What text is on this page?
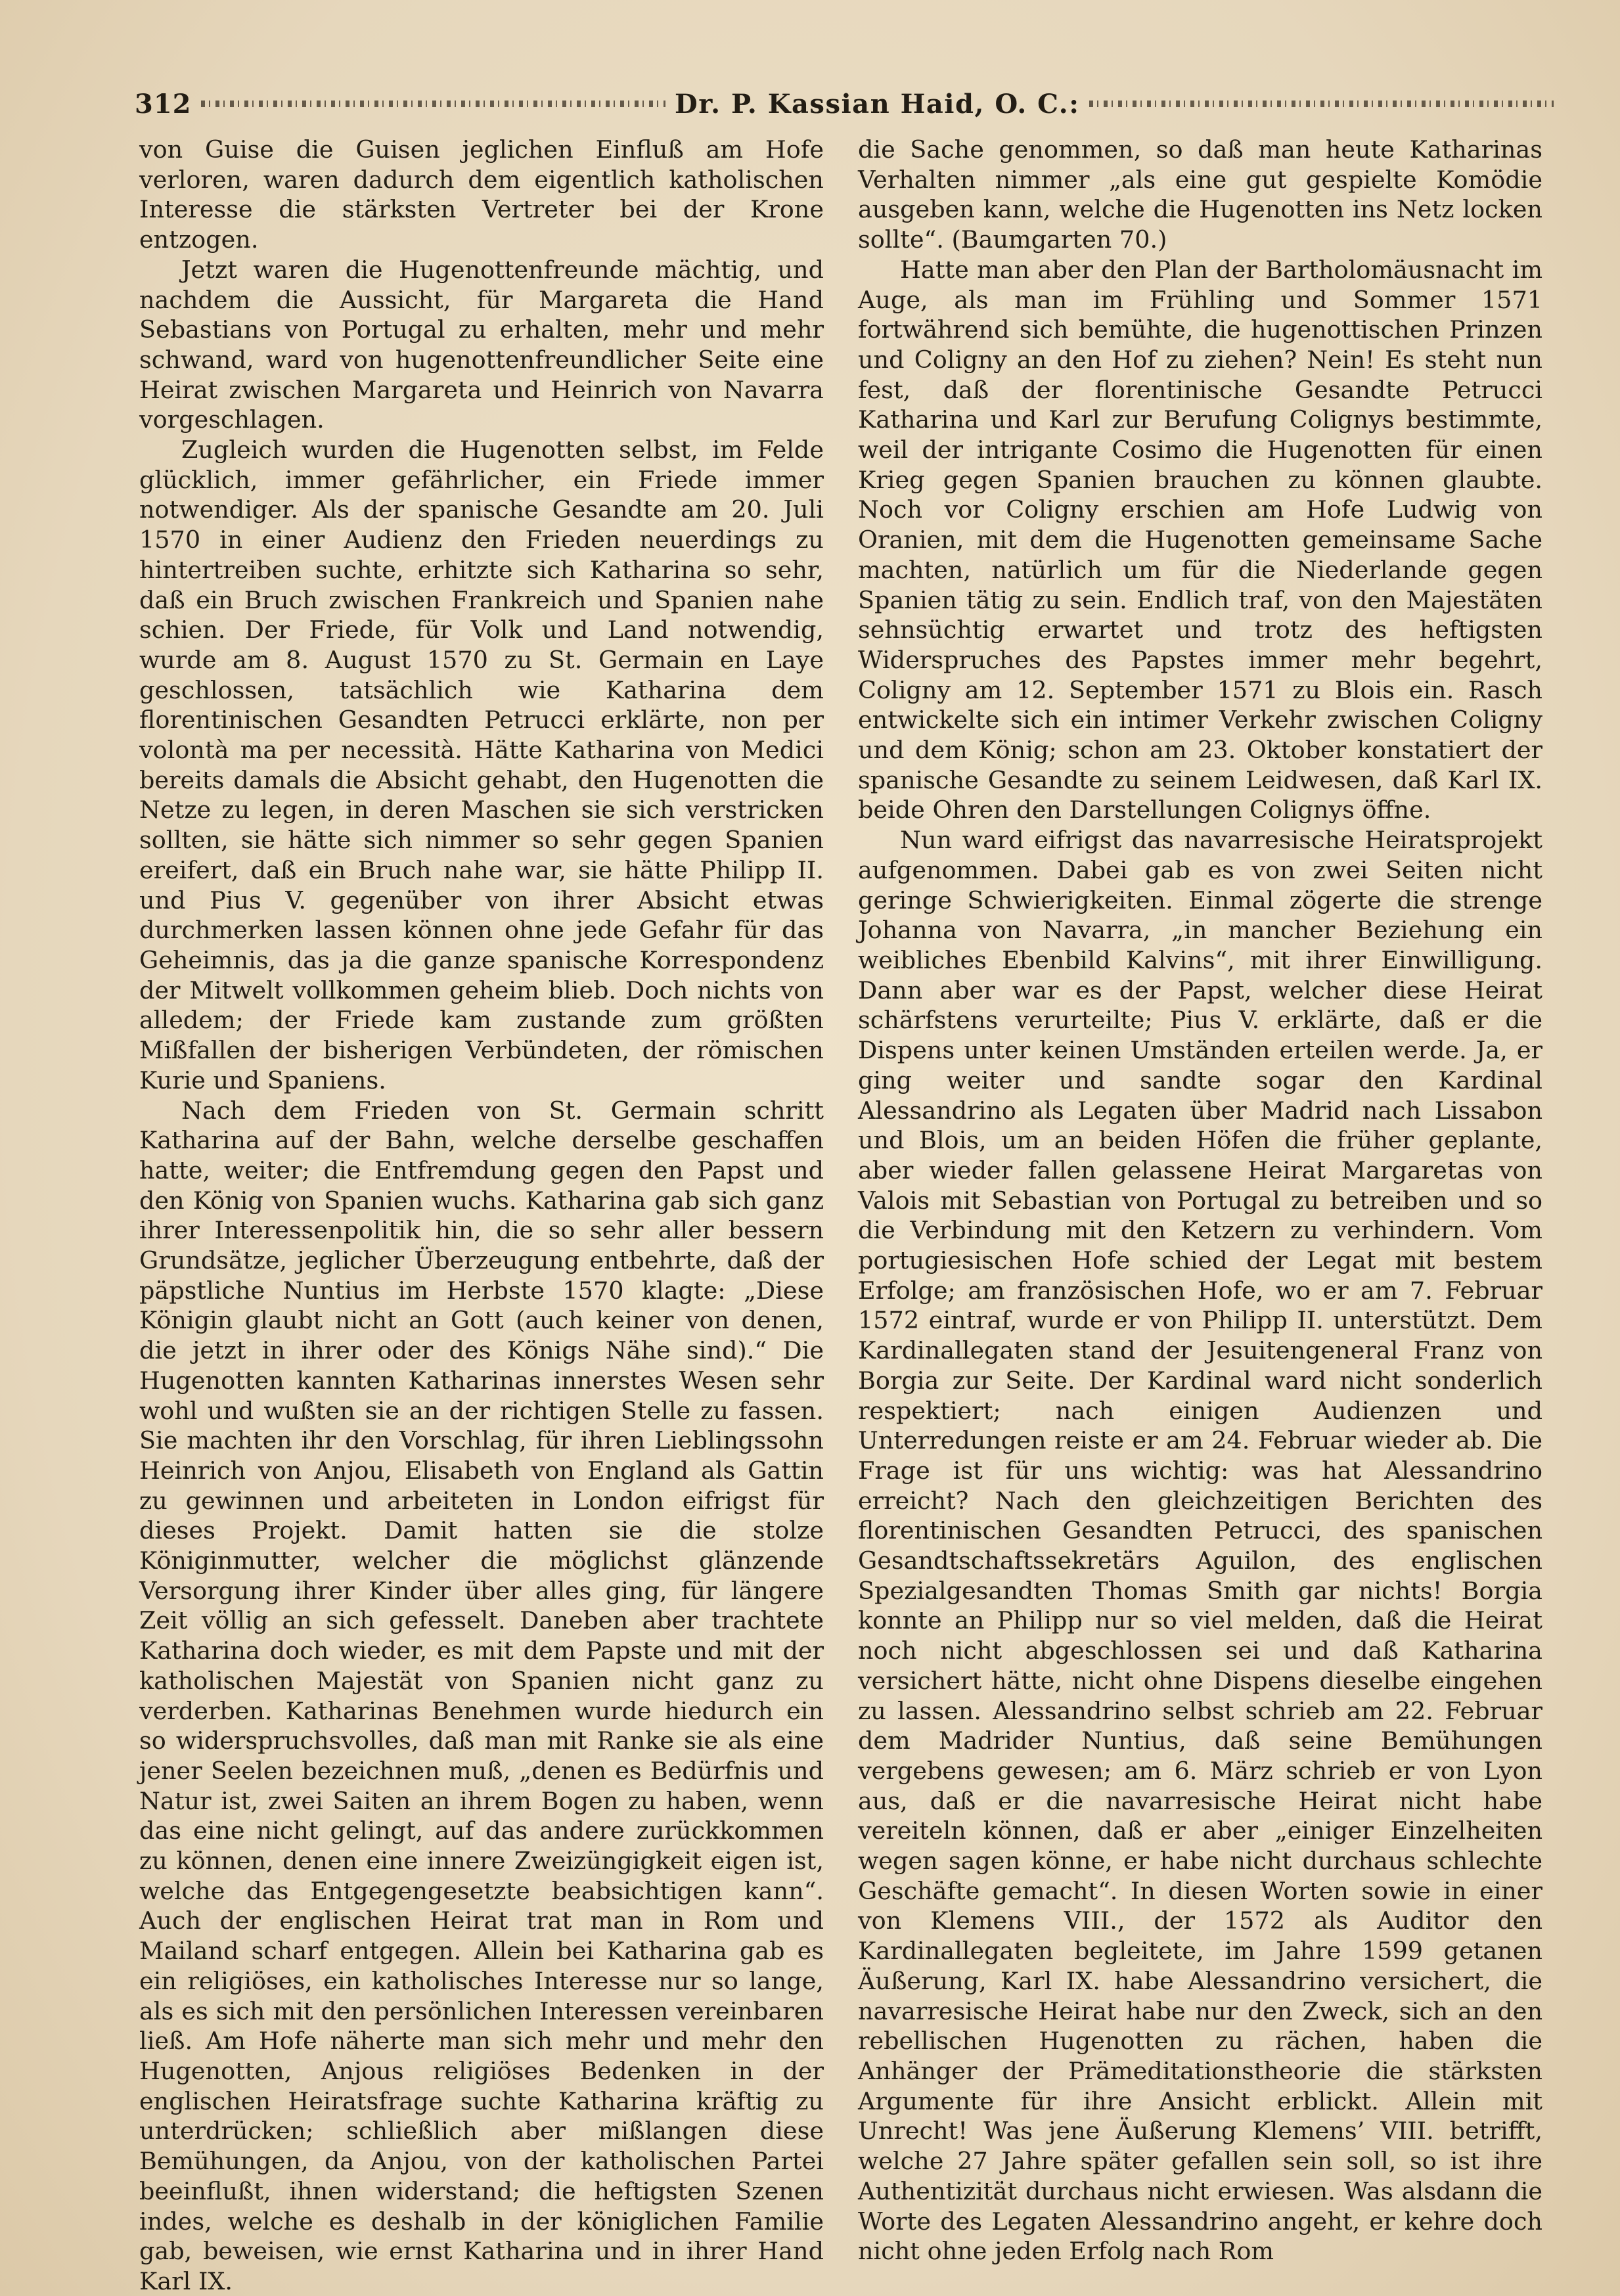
312	Dr. P. Kassian Haid, O. C.:

von Guise die Guisen jeglichen Einfluß am Hofe verloren, waren dadurch dem eigentlich katholischen Interesse die stärksten Vertreter bei der Krone entzogen.

Jetzt waren die Hugenottenfreunde mächtig, und nachdem die Aussicht, für Margareta die Hand Sebastians von Portugal zu erhalten, mehr und mehr schwand, ward von hugenottenfreundlicher Seite eine Heirat zwischen Margareta und Heinrich von Navarra vorgeschlagen.

Zugleich wurden die Hugenotten selbst, im Felde glücklich, immer gefährlicher, ein Friede immer notwendiger. Als der spanische Gesandte am 20. Juli 1570 in einer Audienz den Frieden neuerdings zu hintertreiben suchte, erhitzte sich Katharina so sehr, daß ein Bruch zwischen Frankreich und Spanien nahe schien. Der Friede, für Volk und Land notwendig, wurde am 8. August 1570 zu St. Germain en Laye geschlossen, tatsächlich wie Katharina dem florentinischen Gesandten Petrucci erklärte, non per volontà ma per necessità. Hätte Katharina von Medici bereits damals die Absicht gehabt, den Hugenotten die Netze zu legen, in deren Maschen sie sich verstricken sollten, sie hätte sich nimmer so sehr gegen Spanien ereifert, daß ein Bruch nahe war, sie hätte Philipp II. und Pius V. gegenüber von ihrer Absicht etwas durchmerken lassen können ohne jede Gefahr für das Geheimnis, das ja die ganze spanische Korrespondenz der Mitwelt vollkommen geheim blieb. Doch nichts von alledem; der Friede kam zustande zum größten Mißfallen der bisherigen Verbündeten, der römischen Kurie und Spaniens.

Nach dem Frieden von St. Germain schritt Katharina auf der Bahn, welche derselbe geschaffen hatte, weiter; die Entfremdung gegen den Papst und den König von Spanien wuchs. Katharina gab sich ganz ihrer Interessenpolitik hin, die so sehr aller bessern Grundsätze, jeglicher Überzeugung entbehrte, daß der päpstliche Nuntius im Herbste 1570 klagte: „Diese Königin glaubt nicht an Gott (auch keiner von denen, die jetzt in ihrer oder des Königs Nähe sind).“ Die Hugenotten kannten Katharinas innerstes Wesen sehr wohl und wußten sie an der richtigen Stelle zu fassen. Sie machten ihr den Vorschlag, für ihren Lieblingssohn Heinrich von Anjou, Elisabeth von England als Gattin zu gewinnen und arbeiteten in London eifrigst für dieses Projekt. Damit hatten sie die stolze Königinmutter, welcher die möglichst glänzende Versorgung ihrer Kinder über alles ging, für längere Zeit völlig an sich gefesselt. Daneben aber trachtete Katharina doch wieder, es mit dem Papste und mit der katholischen Majestät von Spanien nicht ganz zu verderben. Katharinas Benehmen wurde hiedurch ein so widerspruchsvolles, daß man mit Ranke sie als eine jener Seelen bezeichnen muß, „denen es Bedürfnis und Natur ist, zwei Saiten an ihrem Bogen zu haben, wenn das eine nicht gelingt, auf das andere zurückkommen zu können, denen eine innere Zweizüngigkeit eigen ist, welche das Entgegengesetzte beabsichtigen kann“. Auch der englischen Heirat trat man in Rom und Mailand scharf entgegen. Allein bei Katharina gab es ein religiöses, ein katholisches Interesse nur so lange, als es sich mit den persönlichen Interessen vereinbaren ließ. Am Hofe näherte man sich mehr und mehr den Hugenotten, Anjous religiöses Bedenken in der englischen Heiratsfrage suchte Katharina kräftig zu unterdrücken; schließlich aber mißlangen diese Bemühungen, da Anjou, von der katholischen Partei beeinflußt, ihnen widerstand; die heftigsten Szenen indes, welche es deshalb in der königlichen Familie gab, beweisen, wie ernst Katharina und in ihrer Hand Karl IX.

die Sache genommen, so daß man heute Katharinas Verhalten nimmer „als eine gut gespielte Komödie ausgeben kann, welche die Hugenotten ins Netz locken sollte“. (Baumgarten 70.)

Hatte man aber den Plan der Bartholomäusnacht im Auge, als man im Frühling und Sommer 1571 fortwährend sich bemühte, die hugenottischen Prinzen und Coligny an den Hof zu ziehen? Nein! Es steht nun fest, daß der florentinische Gesandte Petrucci Katharina und Karl zur Berufung Colignys bestimmte, weil der intrigante Cosimo die Hugenotten für einen Krieg gegen Spanien brauchen zu können glaubte. Noch vor Coligny erschien am Hofe Ludwig von Oranien, mit dem die Hugenotten gemeinsame Sache machten, natürlich um für die Niederlande gegen Spanien tätig zu sein. Endlich traf, von den Majestäten sehnsüchtig erwartet und trotz des heftigsten Widerspruches des Papstes immer mehr begehrt, Coligny am 12. September 1571 zu Blois ein. Rasch entwickelte sich ein intimer Verkehr zwischen Coligny und dem König; schon am 23. Oktober konstatiert der spanische Gesandte zu seinem Leidwesen, daß Karl IX. beide Ohren den Darstellungen Colignys öffne.

Nun ward eifrigst das navarresische Heiratsprojekt aufgenommen. Dabei gab es von zwei Seiten nicht geringe Schwierigkeiten. Einmal zögerte die strenge Johanna von Navarra, „in mancher Beziehung ein weibliches Ebenbild Kalvins“, mit ihrer Einwilligung. Dann aber war es der Papst, welcher diese Heirat schärfstens verurteilte; Pius V. erklärte, daß er die Dispens unter keinen Umständen erteilen werde. Ja, er ging weiter und sandte sogar den Kardinal Alessandrino als Legaten über Madrid nach Lissabon und Blois, um an beiden Höfen die früher geplante, aber wieder fallen gelassene Heirat Margaretas von Valois mit Sebastian von Portugal zu betreiben und so die Verbindung mit den Ketzern zu verhindern. Vom portugiesischen Hofe schied der Legat mit bestem Erfolge; am französischen Hofe, wo er am 7. Februar 1572 eintraf, wurde er von Philipp II. unterstützt. Dem Kardinallegaten stand der Jesuitengeneral Franz von Borgia zur Seite. Der Kardinal ward nicht sonderlich respektiert; nach einigen Audienzen und Unterredungen reiste er am 24. Februar wieder ab. Die Frage ist für uns wichtig: was hat Alessandrino erreicht? Nach den gleichzeitigen Berichten des florentinischen Gesandten Petrucci, des spanischen Gesandtschaftssekretärs Aguilon, des englischen Spezialgesandten Thomas Smith gar nichts! Borgia konnte an Philipp nur so viel melden, daß die Heirat noch nicht abgeschlossen sei und daß Katharina versichert hätte, nicht ohne Dispens dieselbe eingehen zu lassen. Alessandrino selbst schrieb am 22. Februar dem Madrider Nuntius, daß seine Bemühungen vergebens gewesen; am 6. März schrieb er von Lyon aus, daß er die navarresische Heirat nicht habe vereiteln können, daß er aber „einiger Einzelheiten wegen sagen könne, er habe nicht durchaus schlechte Geschäfte gemacht“. In diesen Worten sowie in einer von Klemens VIII., der 1572 als Auditor den Kardinallegaten begleitete, im Jahre 1599 getanen Äußerung, Karl IX. habe Alessandrino versichert, die navarresische Heirat habe nur den Zweck, sich an den rebellischen Hugenotten zu rächen, haben die Anhänger der Prämeditationstheorie die stärksten Argumente für ihre Ansicht erblickt. Allein mit Unrecht! Was jene Äußerung Klemens’ VIII. betrifft, welche 27 Jahre später gefallen sein soll, so ist ihre Authentizität durchaus nicht erwiesen. Was alsdann die Worte des Legaten Alessandrino angeht, er kehre doch nicht ohne jeden Erfolg nach Rom
